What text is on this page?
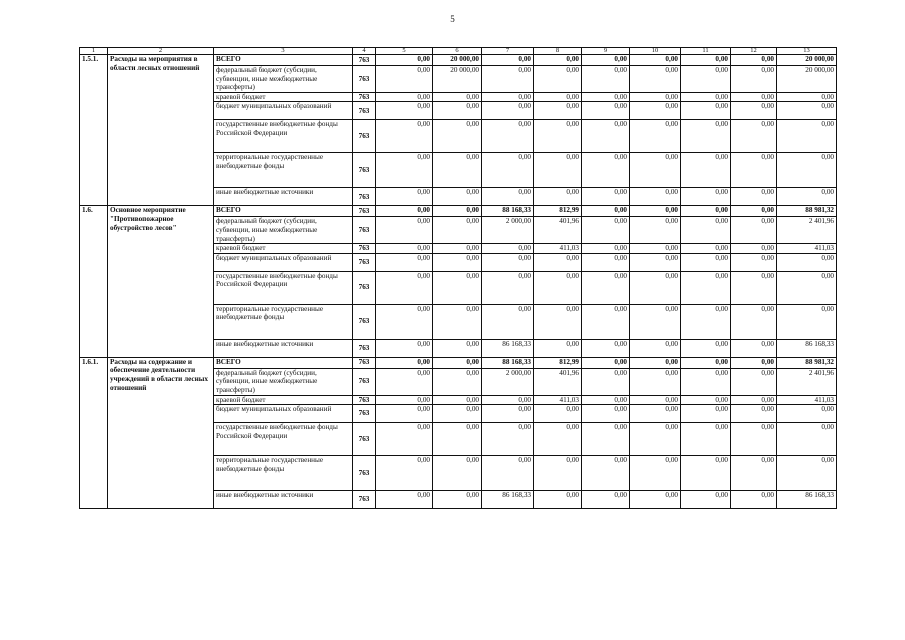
5
1	2	3	4	5	6	7	8	9	10	11	12	13
1.5.1.	Расходы на мероприятия в области лесных отношений	ВСЕГО	763	0,00	20 000,00	0,00	0,00	0,00	0,00	0,00	0,00	20 000,00
		федеральный бюджет (субсидии, субвенции, иные межбюджетные трансферты)	763	0,00	20 000,00	0,00	0,00	0,00	0,00	0,00	0,00	20 000,00
		краевой бюджет	763	0,00	0,00	0,00	0,00	0,00	0,00	0,00	0,00	0,00
		бюджет муниципальных образований	763	0,00	0,00	0,00	0,00	0,00	0,00	0,00	0,00	0,00
		государственные внебюджетные фонды Российской Федерации	763	0,00	0,00	0,00	0,00	0,00	0,00	0,00	0,00	0,00
		территориальные государственные внебюджетные фонды	763	0,00	0,00	0,00	0,00	0,00	0,00	0,00	0,00	0,00
		иные внебюджетные источники	763	0,00	0,00	0,00	0,00	0,00	0,00	0,00	0,00	0,00
1.6.	Основное мероприятие "Противопожарное обустройство лесов"	ВСЕГО	763	0,00	0,00	88 168,33	812,99	0,00	0,00	0,00	0,00	88 981,32
		федеральный бюджет (субсидии, субвенции, иные межбюджетные трансферты)	763	0,00	0,00	2 000,00	401,96	0,00	0,00	0,00	0,00	2 401,96
		краевой бюджет	763	0,00	0,00	0,00	411,03	0,00	0,00	0,00	0,00	411,03
		бюджет муниципальных образований	763	0,00	0,00	0,00	0,00	0,00	0,00	0,00	0,00	0,00
		государственные внебюджетные фонды Российской Федерации	763	0,00	0,00	0,00	0,00	0,00	0,00	0,00	0,00	0,00
		территориальные государственные внебюджетные фонды	763	0,00	0,00	0,00	0,00	0,00	0,00	0,00	0,00	0,00
		иные внебюджетные источники	763	0,00	0,00	86 168,33	0,00	0,00	0,00	0,00	0,00	86 168,33
1.6.1.	Расходы на содержание и обеспечение деятельности учреждений в области лесных отношений	ВСЕГО	763	0,00	0,00	88 168,33	812,99	0,00	0,00	0,00	0,00	88 981,32
		федеральный бюджет (субсидии, субвенции, иные межбюджетные трансферты)	763	0,00	0,00	2 000,00	401,96	0,00	0,00	0,00	0,00	2 401,96
		краевой бюджет	763	0,00	0,00	0,00	411,03	0,00	0,00	0,00	0,00	411,03
		бюджет муниципальных образований	763	0,00	0,00	0,00	0,00	0,00	0,00	0,00	0,00	0,00
		государственные внебюджетные фонды Российской Федерации	763	0,00	0,00	0,00	0,00	0,00	0,00	0,00	0,00	0,00
		территориальные государственные внебюджетные фонды	763	0,00	0,00	0,00	0,00	0,00	0,00	0,00	0,00	0,00
		иные внебюджетные источники	763	0,00	0,00	86 168,33	0,00	0,00	0,00	0,00	0,00	86 168,33
